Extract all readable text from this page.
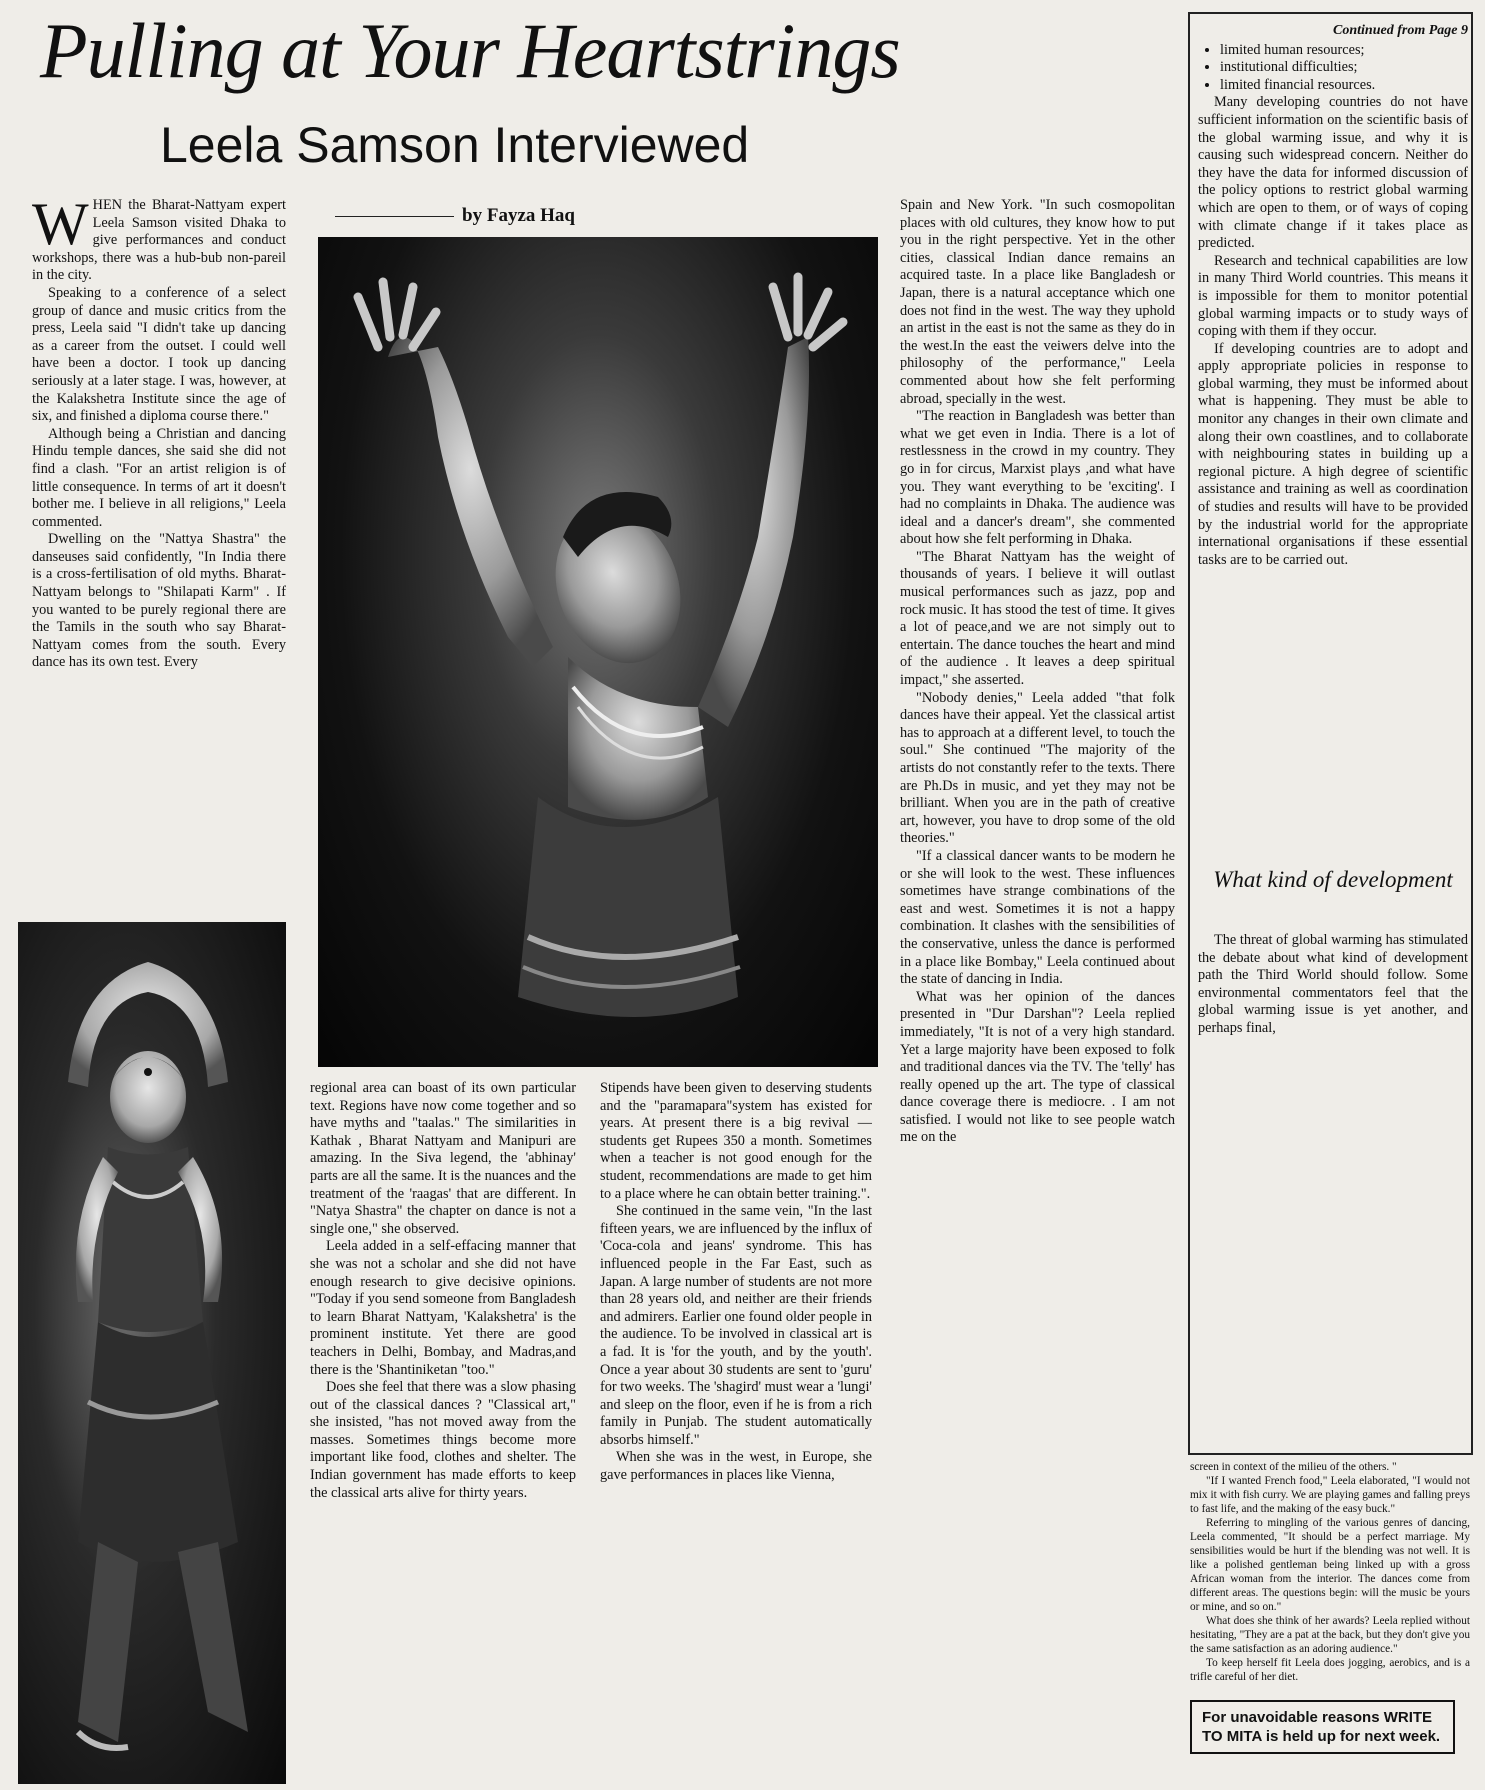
Pulling at Your Heartstrings
Leela Samson Interviewed
by Fayza Haq

WHEN the Bharat-Nattyam expert Leela Samson visited Dhaka to give performances and conduct workshops, there was a hub-bub non-pareil in the city.

Speaking to a conference of a select group of dance and music critics from the press, Leela said "I didn't take up dancing as a career from the outset. I could well have been a doctor. I took up dancing seriously at a later stage. I was, however, at the Kalakshetra Institute since the age of six, and finished a diploma course there."

Although being a Christian and dancing Hindu temple dances, she said she did not find a clash. "For an artist religion is of little consequence. In terms of art it doesn't bother me. I believe in all religions," Leela commented.

Dwelling on the "Nattya Shastra" the danseuses said confidently, "In India there is a cross-fertilisation of old myths. Bharat-Nattyam belongs to "Shilapati Karm" . If you wanted to be purely regional there are the Tamils in the south who say Bharat-Nattyam comes from the south. Every dance has its own test. Every

regional area can boast of its own particular text. Regions have now come together and so have myths and "taalas." The similarities in Kathak , Bharat Nattyam and Manipuri are amazing. In the Siva legend, the 'abhinay' parts are all the same. It is the nuances and the treatment of the 'raagas' that are different. In "Natya Shastra" the chapter on dance is not a single one," she observed.

Leela added in a self-effacing manner that she was not a scholar and she did not have enough research to give decisive opinions. "Today if you send someone from Bangladesh to learn Bharat Nattyam, 'Kalakshetra' is the prominent institute. Yet there are good teachers in Delhi, Bombay, and Madras,and there is the 'Shantiniketan "too."

Does she feel that there was a slow phasing out of the classical dances ? "Classical art," she insisted, "has not moved away from the masses. Sometimes things become more important like food, clothes and shelter. The Indian government has made efforts to keep the classical arts alive for thirty years.

Stipends have been given to deserving students and the "paramapara"system has existed for years. At present there is a big revival — students get Rupees 350 a month. Sometimes when a teacher is not good enough for the student, recommendations are made to get him to a place where he can obtain better training.".

She continued in the same vein, "In the last fifteen years, we are influenced by the influx of 'Coca-cola and jeans' syndrome. This has influenced people in the Far East, such as Japan. A large number of students are not more than 28 years old, and neither are their friends and admirers. Earlier one found older people in the audience. To be involved in classical art is a fad. It is 'for the youth, and by the youth'. Once a year about 30 students are sent to 'guru' for two weeks. The 'shagird' must wear a 'lungi' and sleep on the floor, even if he is from a rich family in Punjab. The student automatically absorbs himself."

When she was in the west, in Europe, she gave performances in places like Vienna,

Spain and New York. "In such cosmopolitan places with old cultures, they know how to put you in the right perspective. Yet in the other cities, classical Indian dance remains an acquired taste. In a place like Bangladesh or Japan, there is a natural acceptance which one does not find in the west. The way they uphold an artist in the east is not the same as they do in the west.In the east the veiwers delve into the philosophy of the performance," Leela commented about how she felt performing abroad, specially in the west.

"The reaction in Bangladesh was better than what we get even in India. There is a lot of restlessness in the crowd in my country. They go in for circus, Marxist plays ,and what have you. They want everything to be 'exciting'. I had no complaints in Dhaka. The audience was ideal and a dancer's dream", she commented about how she felt performing in Dhaka.

"The Bharat Nattyam has the weight of thousands of years. I believe it will outlast musical performances such as jazz, pop and rock music. It has stood the test of time. It gives a lot of peace,and we are not simply out to entertain. The dance touches the heart and mind of the audience . It leaves a deep spiritual impact," she asserted.

"Nobody denies," Leela added "that folk dances have their appeal. Yet the classical artist has to approach at a different level, to touch the soul." She continued "The majority of the artists do not constantly refer to the texts. There are Ph.Ds in music, and yet they may not be brilliant. When you are in the path of creative art, however, you have to drop some of the old theories."

"If a classical dancer wants to be modern he or she will look to the west. These influences sometimes have strange combinations of the east and west. Sometimes it is not a happy combination. It clashes with the sensibilities of the conservative, unless the dance is performed in a place like Bombay," Leela continued about the state of dancing in India.

What was her opinion of the dances presented in "Dur Darshan"? Leela replied immediately, "It is not of a very high standard. Yet a large majority have been exposed to folk and traditional dances via the TV. The 'telly' has really opened up the art. The type of classical dance coverage there is mediocre. . I am not satisfied. I would not like to see people watch me on the

Continued from Page 9
• limited human resources;
• institutional difficulties;
• limited financial resources.

Many developing countries do not have sufficient information on the scientific basis of the global warming issue, and why it is causing such widespread concern. Neither do they have the data for informed discussion of the policy options to restrict global warming which are open to them, or of ways of coping with climate change if it takes place as predicted.

Research and technical capabilities are low in many Third World countries. This means it is impossible for them to monitor potential global warming impacts or to study ways of coping with them if they occur.

If developing countries are to adopt and apply appropriate policies in response to global warming, they must be informed about what is happening. They must be able to monitor any changes in their own climate and along their own coastlines, and to collaborate with neighbouring states in building up a regional picture. A high degree of scientific assistance and training as well as coordination of studies and results will have to be provided by the industrial world for the appropriate international organisations if these essential tasks are to be carried out.

What kind of development

The threat of global warming has stimulated the debate about what kind of development path the Third World should follow. Some environmental commentators feel that the global warming issue is yet another, and perhaps final,

screen in context of the milieu of the others. "

"If I wanted French food," Leela elaborated, "I would not mix it with fish curry. We are playing games and falling preys to fast life, and the making of the easy buck."

Referring to mingling of the various genres of dancing, Leela commented, "It should be a perfect marriage. My sensibilities would be hurt if the blending was not well. It is like a polished gentleman being linked up with a gross African woman from the interior. The dances come from different areas. The questions begin: will the music be yours or mine, and so on."

What does she think of her awards? Leela replied without hesitating, "They are a pat at the back, but they don't give you the same satisfaction as an adoring audience."

To keep herself fit Leela does jogging, aerobics, and is a trifle careful of her diet.

For unavoidable reasons WRITE TO MITA is held up for next week.
